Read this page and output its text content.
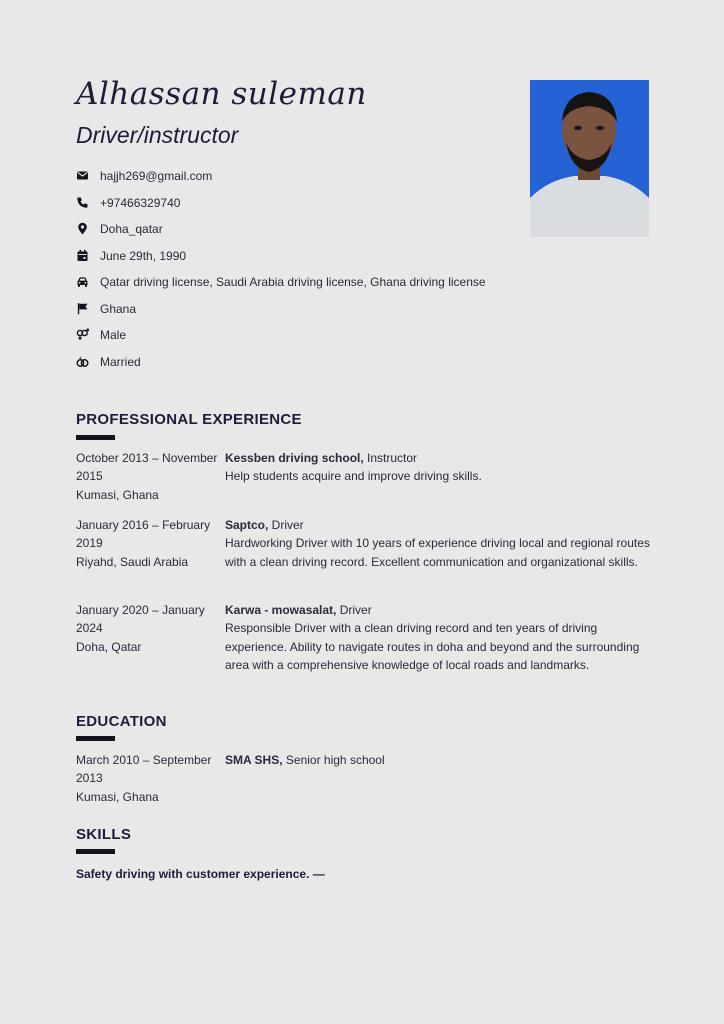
Alhassan suleman
Driver/instructor
hajjh269@gmail.com
+97466329740
Doha_qatar
June 29th, 1990
Qatar driving license, Saudi Arabia driving license, Ghana driving license
Ghana
Male
Married
PROFESSIONAL EXPERIENCE
October 2013 – November 2015
Kumasi, Ghana
Kessben driving school, Instructor
Help students acquire and improve driving skills.
January 2016 – February 2019
Riyahd, Saudi Arabia
Saptco, Driver
Hardworking Driver with 10 years of experience driving local and regional routes with a clean driving record. Excellent communication and organizational skills.
January 2020 – January 2024
Doha, Qatar
Karwa - mowasalat, Driver
Responsible Driver with a clean driving record and ten years of driving experience. Ability to navigate routes in doha and beyond and the surrounding area with a comprehensive knowledge of local roads and landmarks.
EDUCATION
March 2010 – September 2013
Kumasi, Ghana
SMA SHS, Senior high school
SKILLS
Safety driving with customer experience. —
